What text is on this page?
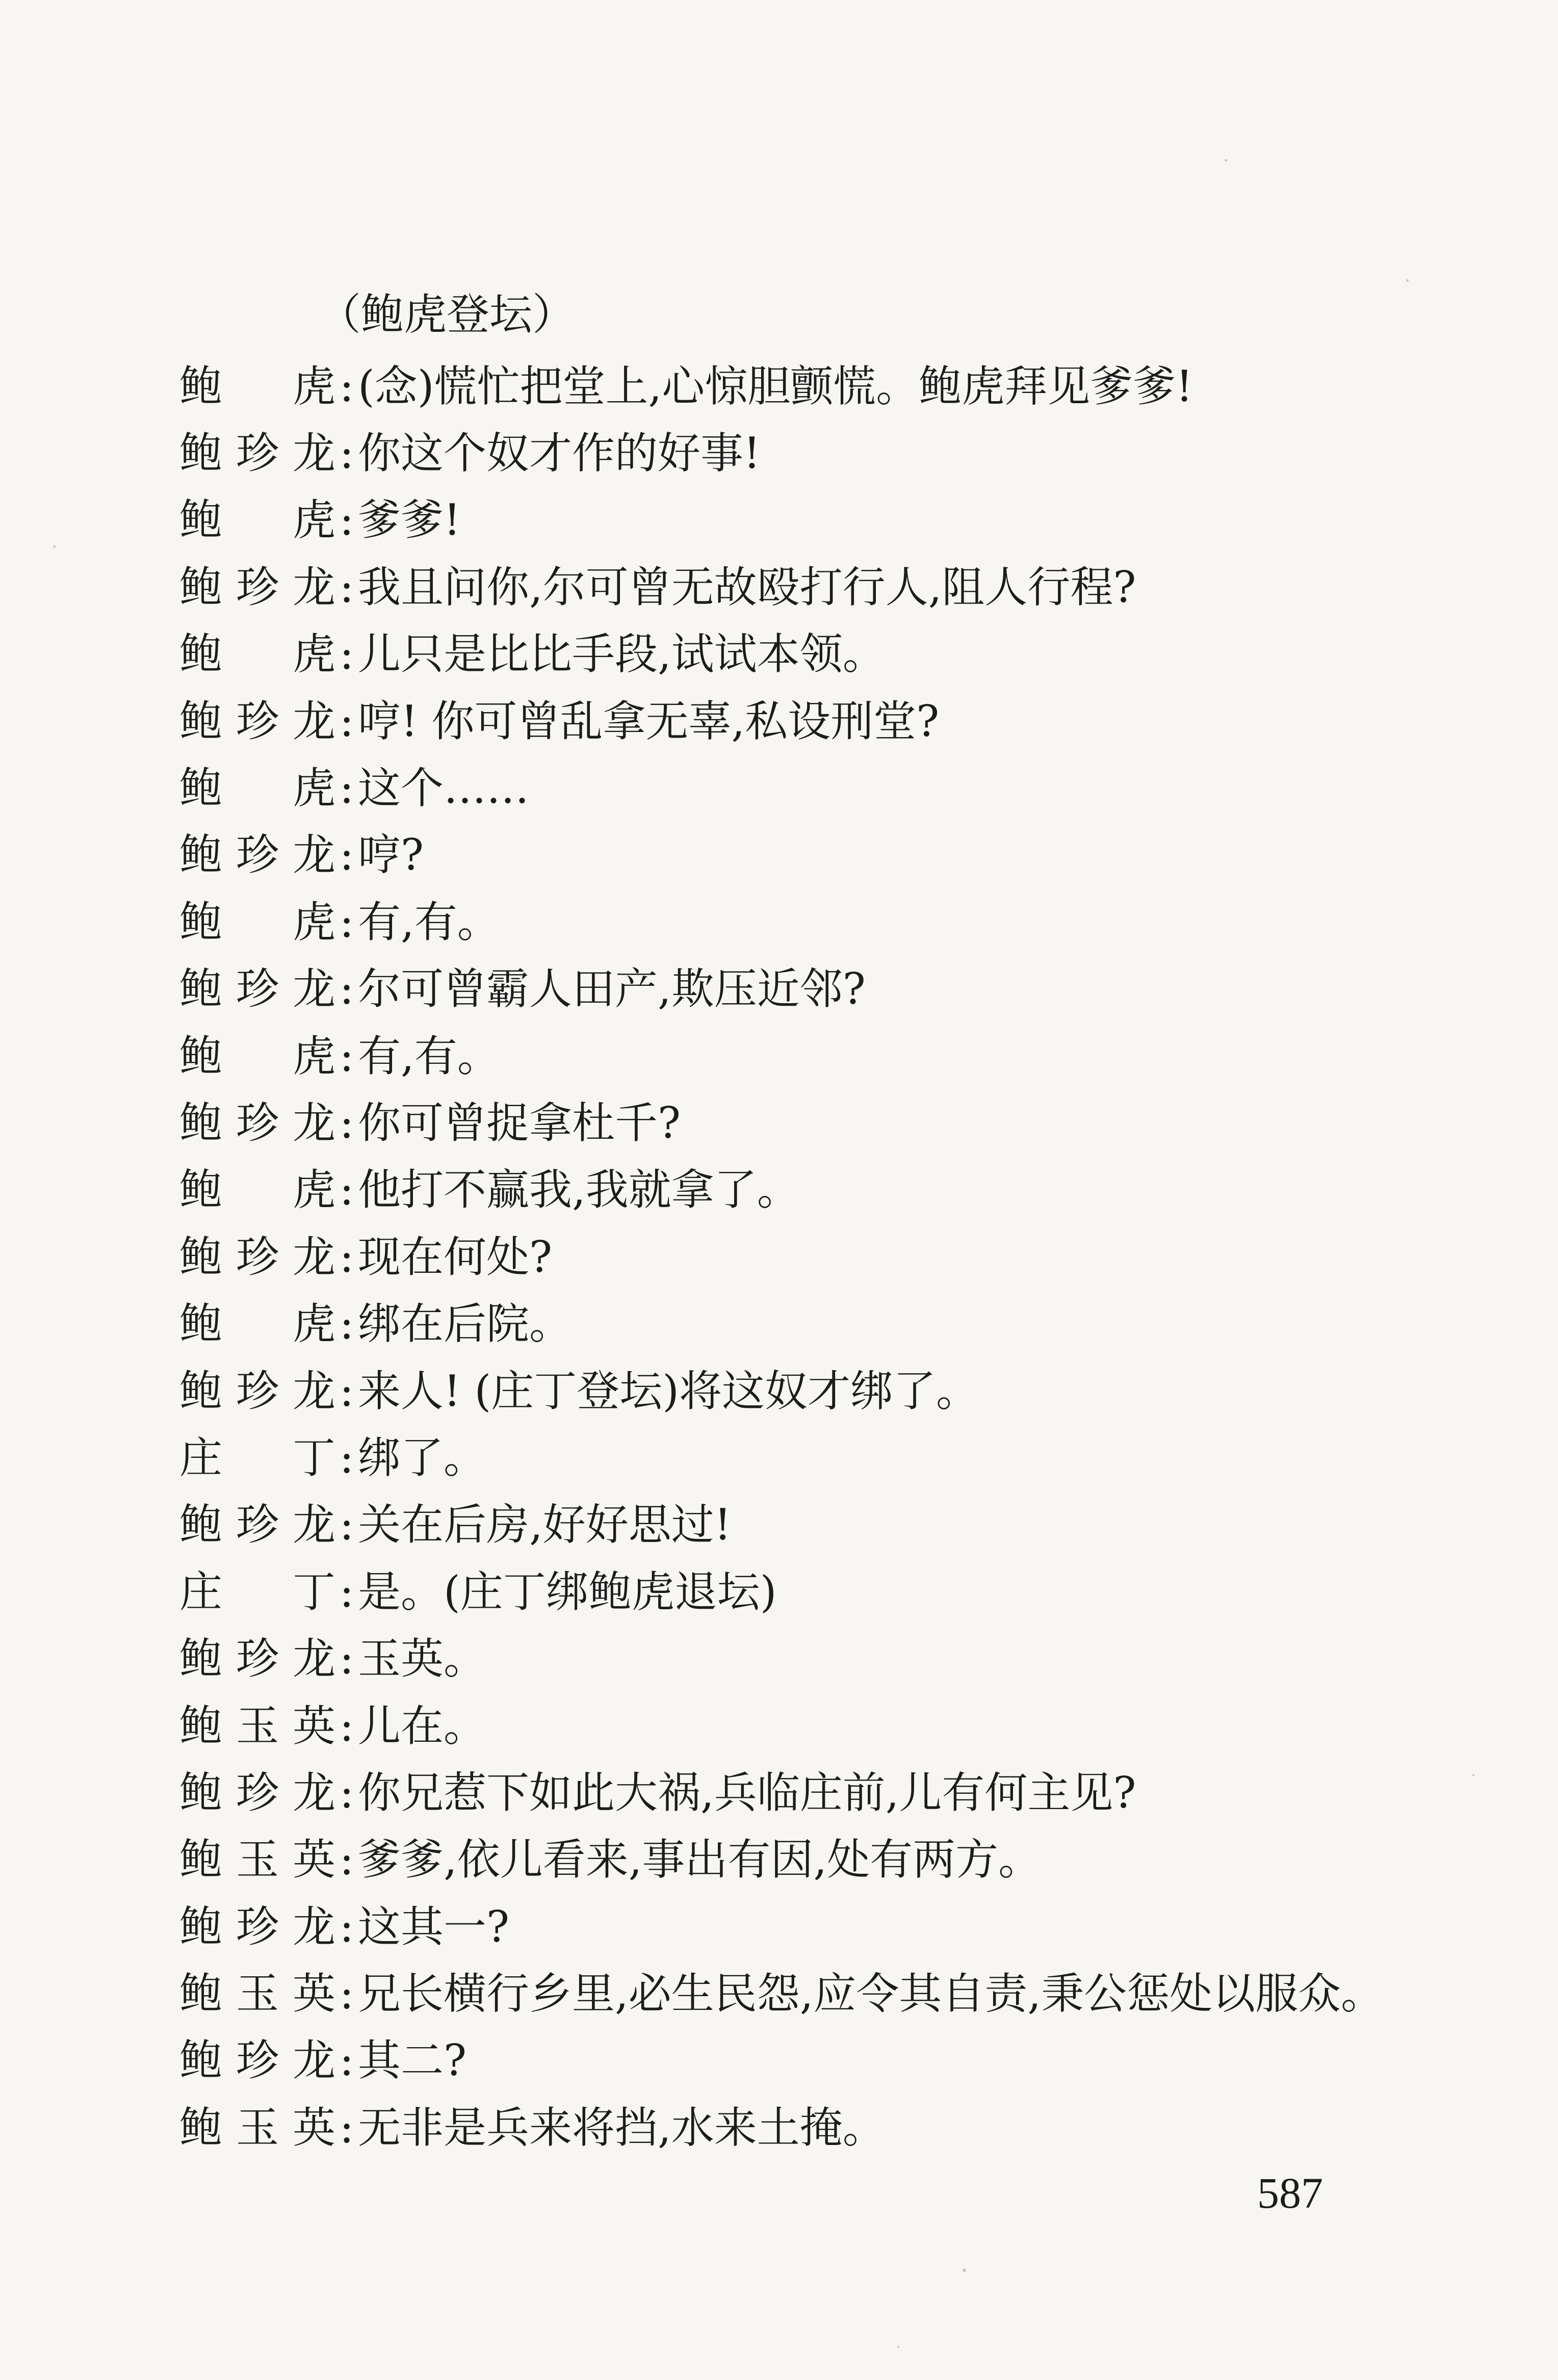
（鲍虎登坛）
鲍 虎 : (念)慌忙把堂上,心惊胆颤慌。鲍虎拜见爹爹!
鲍珍龙 : 你这个奴才作的好事!
鲍 虎 : 爹爹!
鲍珍龙 : 我且问你,尔可曾无故殴打行人,阻人行程?
鲍 虎 : 儿只是比比手段,试试本领。
鲍珍龙 : 哼! 你可曾乱拿无辜,私设刑堂?
鲍 虎 : 这个……
鲍珍龙 : 哼?
鲍 虎 : 有,有。
鲍珍龙 : 尔可曾霸人田产,欺压近邻?
鲍 虎 : 有,有。
鲍珍龙 : 你可曾捉拿杜千?
鲍 虎 : 他打不赢我,我就拿了。
鲍珍龙 : 现在何处?
鲍 虎 : 绑在后院。
鲍珍龙 : 来人! (庄丁登坛)将这奴才绑了。
庄 丁 : 绑了。
鲍珍龙 : 关在后房,好好思过!
庄 丁 : 是。(庄丁绑鲍虎退坛)
鲍珍龙 : 玉英。
鲍玉英 : 儿在。
鲍珍龙 : 你兄惹下如此大祸,兵临庄前,儿有何主见?
鲍玉英 : 爹爹,依儿看来,事出有因,处有两方。
鲍珍龙 : 这其一?
鲍玉英 : 兄长横行乡里,必生民怨,应令其自责,秉公惩处以服众。
鲍珍龙 : 其二?
鲍玉英 : 无非是兵来将挡,水来土掩。
587
